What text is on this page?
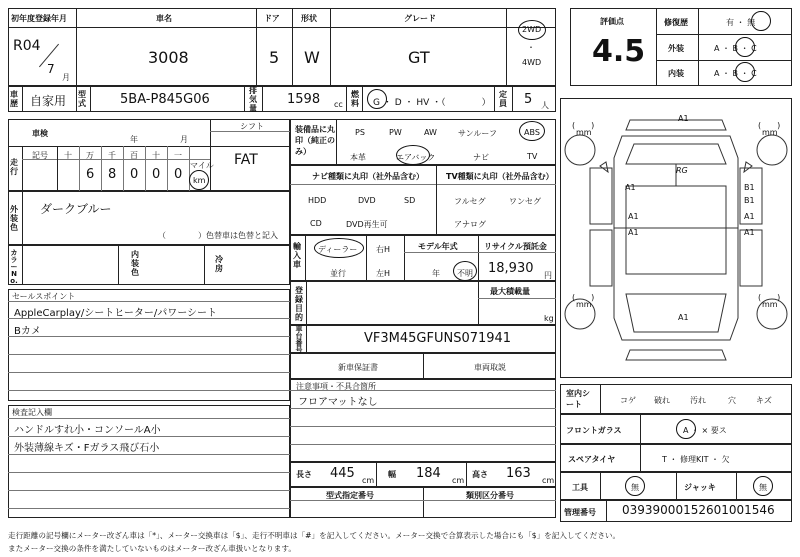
初年度登録年月	車名	ドア	形状	グレード
R04
7
月
3008	5 W	GT
2WD
・
4WD
車歴 自家用 型式	5BA-P845G06
排気量
1598 cc
燃料 G ・ D ・ HV ・（　　　　）
定員 5 人
評価点
4.5
修復歴	有 ・ 無
外装	A ・ B ・ C
内装	A ・ B ・ C
車検
年	月
シフト
FAT
走行
記号 十 万 千 百 十 一
6 8 0 0 0
マイル
km
外装色
ダークブルー
（　　　　）色替車は色替と記入
カラーNo.
内装色
冷房
セールスポイント
AppleCarplay/シートヒーター/パワーシート
Bカメ
検査記入欄
ハンドルすれ小・コンソールA小
外装薄線キズ・Fガラス飛び石小
装備品に丸印（純正のみ）
PS	PW	AW	サンルーフ	ABS
本革	エアバック	ナビ	TV
ナビ種類に丸印（社外品含む）	TV種類に丸印（社外品含む）
HDD	DVD	SD
CD	DVD再生可
フルセグ	ワンセグ
アナログ
輸入車
ディーラー
並行
右H
左H
モデル年式
年 不明
リサイクル預託金
18,930 円
登録目的
最大積載量
kg
車台番号
VF3M45GFUNS071941
新車保証書	車両取説
注意事項・不具合箇所
フロアマットなし
長さ 445 cm
幅 184 cm
高さ 163 cm
型式指定番号	類別区分番号
A1
A1
A1
A1
B1
B1
A1
A1
A1
RG
(　　)
mm
(　　)
mm
(　　)
mm
(　　)
mm
室内シート	コゲ 破れ	汚れ	穴	キズ
フロントガラス	A ・ × 要ス
スペアタイヤ	T ・ 修理KIT ・ 欠
工具	無	ジャッキ	無
管理番号 03939000152601001546
走行距離の記号欄にメーター改ざん車は「*」、メーター交換車は「$」、走行不明車は「#」を記入してください。メーター交換で合算表示した場合にも「$」を記入してください。
またメーター交換の条件を満たしていないものはメーター改ざん車扱いとなります。
